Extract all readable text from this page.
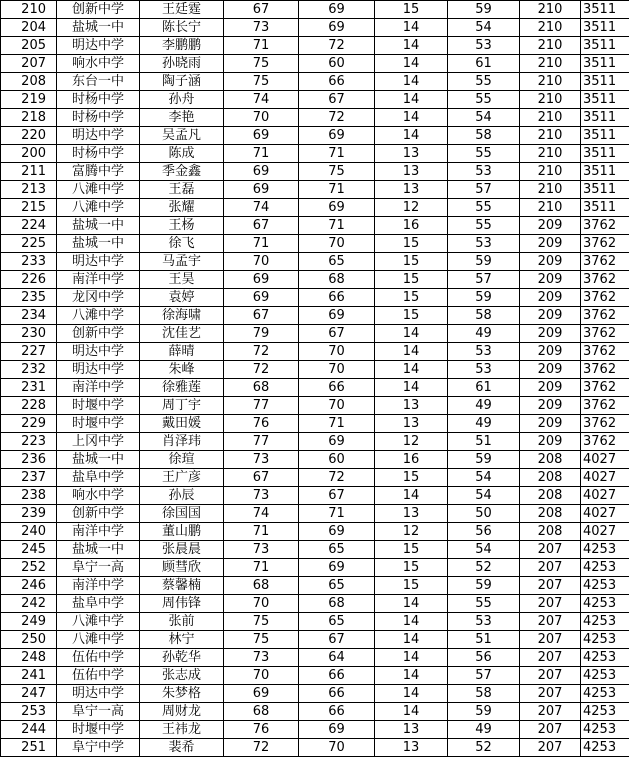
210	创新中学	王廷霆	67	69	15	59	210	3511
204	盐城一中	陈长宁	73	69	14	54	210	3511
205	明达中学	李鹏鹏	71	72	14	53	210	3511
207	响水中学	孙晓雨	75	60	14	61	210	3511
208	东台一中	陶子涵	75	66	14	55	210	3511
219	时杨中学	孙舟	74	67	14	55	210	3511
218	时杨中学	李艳	70	72	14	54	210	3511
220	明达中学	吴孟凡	69	69	14	58	210	3511
200	时杨中学	陈成	71	71	13	55	210	3511
211	富腾中学	季金鑫	69	75	13	53	210	3511
213	八滩中学	王磊	69	71	13	57	210	3511
215	八滩中学	张耀	74	69	12	55	210	3511
224	盐城一中	王杨	67	71	16	55	209	3762
225	盐城一中	徐飞	71	70	15	53	209	3762
233	明达中学	马孟宇	70	65	15	59	209	3762
226	南洋中学	王昊	69	68	15	57	209	3762
235	龙冈中学	袁婷	69	66	15	59	209	3762
234	八滩中学	徐海啸	67	69	15	58	209	3762
230	创新中学	沈佳艺	79	67	14	49	209	3762
227	明达中学	薛晴	72	70	14	53	209	3762
232	明达中学	朱峰	72	70	14	53	209	3762
231	南洋中学	徐雅莲	68	66	14	61	209	3762
228	时堰中学	周丁宇	77	70	13	49	209	3762
229	时堰中学	戴田媛	76	71	13	49	209	3762
223	上冈中学	肖泽玮	77	69	12	51	209	3762
236	盐城一中	徐瑄	73	60	16	59	208	4027
237	盐阜中学	王广彦	67	72	15	54	208	4027
238	响水中学	孙辰	73	67	14	54	208	4027
239	创新中学	徐国国	74	71	13	50	208	4027
240	南洋中学	董山鹏	71	69	12	56	208	4027
245	盐城一中	张晨晨	73	65	15	54	207	4253
252	阜宁一高	顾彗欣	71	69	15	52	207	4253
246	南洋中学	蔡馨楠	68	65	15	59	207	4253
242	盐阜中学	周伟锋	70	68	14	55	207	4253
249	八滩中学	张前	75	65	14	53	207	4253
250	八滩中学	林宁	75	67	14	51	207	4253
248	伍佑中学	孙乾华	73	64	14	56	207	4253
241	伍佑中学	张志成	70	66	14	57	207	4253
247	明达中学	朱梦格	69	66	14	58	207	4253
253	阜宁一高	周财龙	68	66	14	59	207	4253
244	时堰中学	王祎龙	76	69	13	49	207	4253
251	阜宁中学	裴希	72	70	13	52	207	4253
